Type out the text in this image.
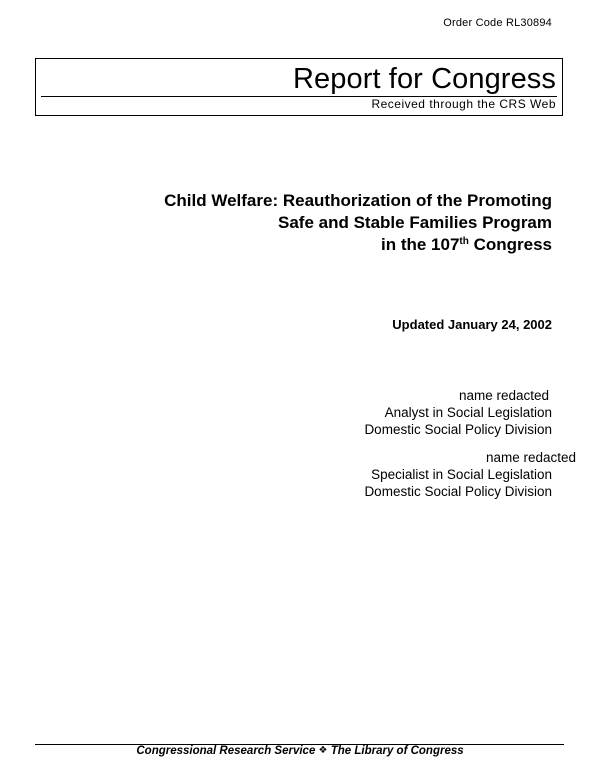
Order Code RL30894
Report for Congress
Received through the CRS Web
Child Welfare: Reauthorization of the Promoting
Safe and Stable Families Program
in the 107th Congress
Updated January 24, 2002
name redacted
Analyst in Social Legislation
Domestic Social Policy Division
name redacted
Specialist in Social Legislation
Domestic Social Policy Division
Congressional Research Service ❖ The Library of Congress
